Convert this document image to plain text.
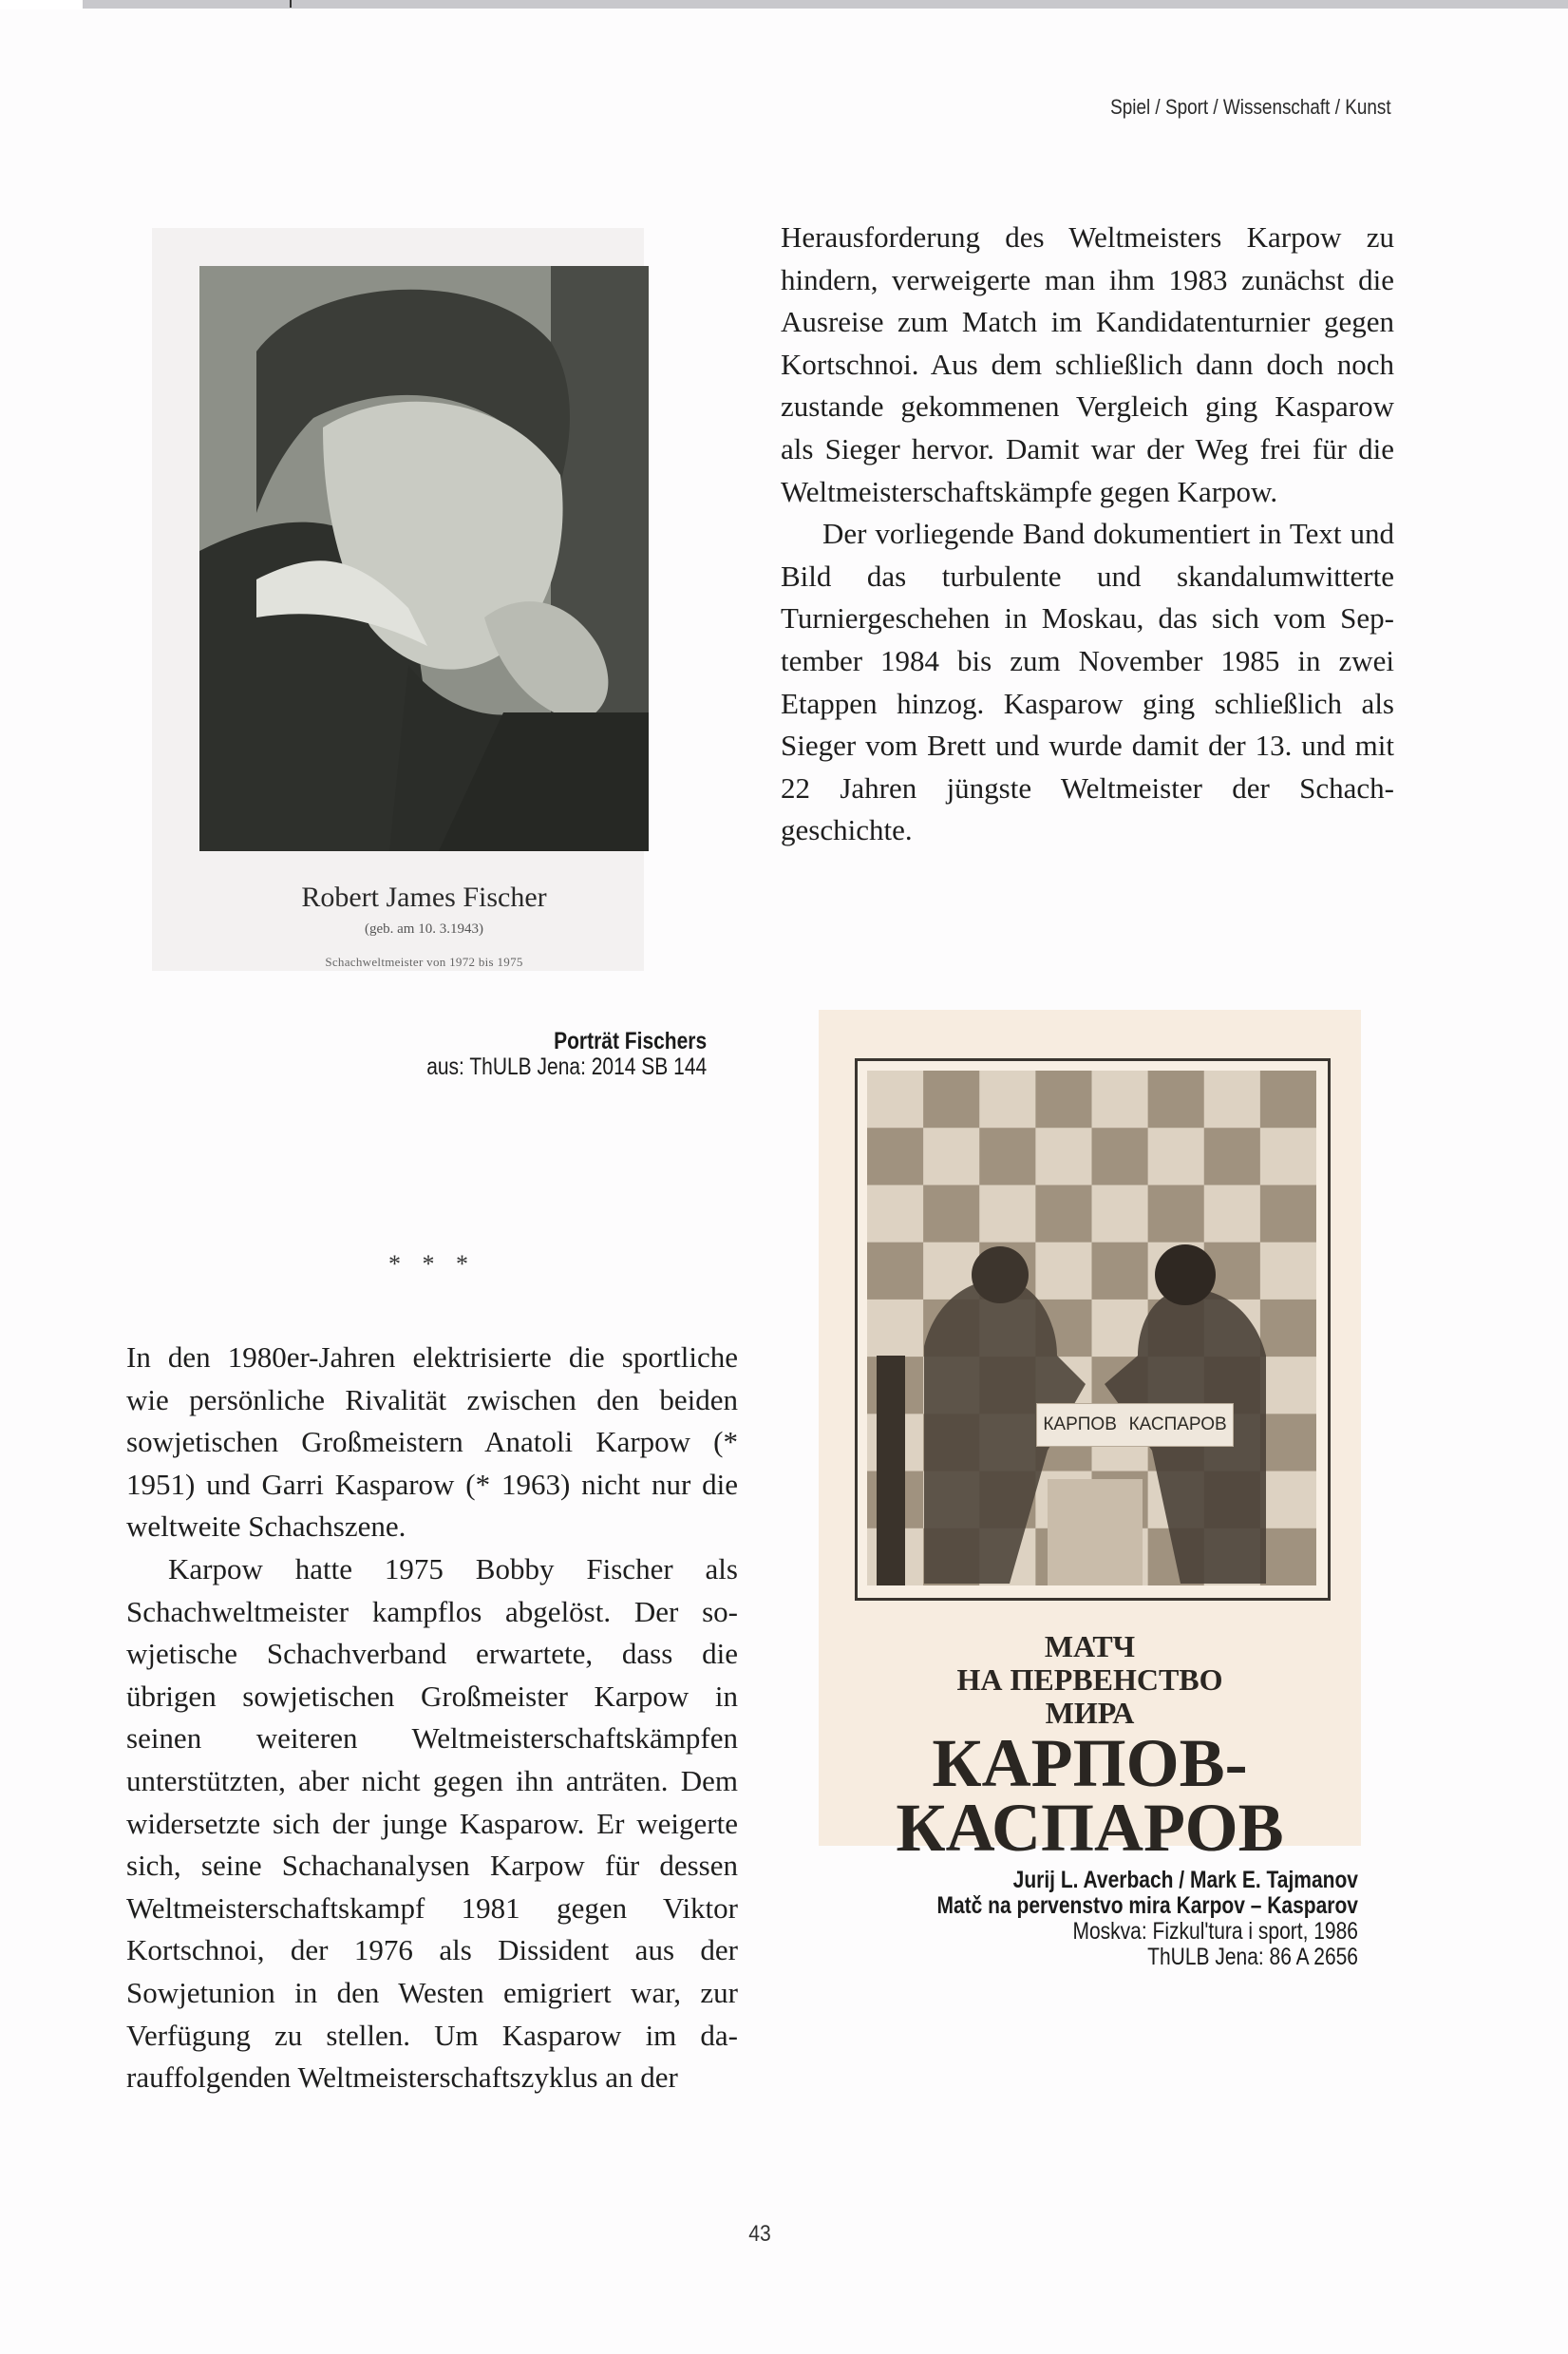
Spiel / Sport / Wissenschaft / Kunst
Robert James Fischer
(geb. am 10. 3.1943)
Schachweltmeister von 1972 bis 1975
Porträt Fischers
aus: ThULB Jena: 2014 SB 144

Herausforderung des Weltmeisters Karpow zu hindern, verweigerte man ihm 1983 zunächst die Ausreise zum Match im Kandidatenturnier gegen Kortschnoi. Aus dem schließlich dann doch noch zustande gekommenen Vergleich ging Kasparow als Sieger hervor. Damit war der Weg frei für die Weltmeisterschaftskämpfe gegen Karpow.

Der vorliegende Band dokumentiert in Text und Bild das turbulente und skandalumwitterte Turniergeschehen in Moskau, das sich vom Sep-tember 1984 bis zum November 1985 in zwei Etappen hinzog. Kasparow ging schließlich als Sieger vom Brett und wurde damit der 13. und mit 22 Jahren jüngste Weltmeister der Schach-geschichte.

* * *

In den 1980er-Jahren elektrisierte die sportliche wie persönliche Rivalität zwischen den beiden sowjetischen Großmeistern Anatoli Karpow (* 1951) und Garri Kasparow (* 1963) nicht nur die weltweite Schachszene.

Karpow hatte 1975 Bobby Fischer als Schachweltmeister kampflos abgelöst. Der so-wjetische Schachverband erwartete, dass die übrigen sowjetischen Großmeister Karpow in seinen weiteren Weltmeisterschaftskämpfen unterstützten, aber nicht gegen ihn anträten. Dem widersetzte sich der junge Kasparow. Er weigerte sich, seine Schachanalysen Karpow für dessen Weltmeisterschaftskampf 1981 gegen Viktor Kortschnoi, der 1976 als Dissident aus der Sowjetunion in den Westen emigriert war, zur Verfügung zu stellen. Um Kasparow im da-rauffolgenden Weltmeisterschaftszyklus an der

КАРПОВ КАСПАРОВ
МАТЧ
НА ПЕРВЕНСТВО
МИРА
КАРПОВ-
КАСПАРОВ
Jurij L. Averbach / Mark E. Tajmanov
Matč na pervenstvo mira Karpov – Kasparov
Moskva: Fizkul'tura i sport, 1986
ThULB Jena: 86 A 2656
43
